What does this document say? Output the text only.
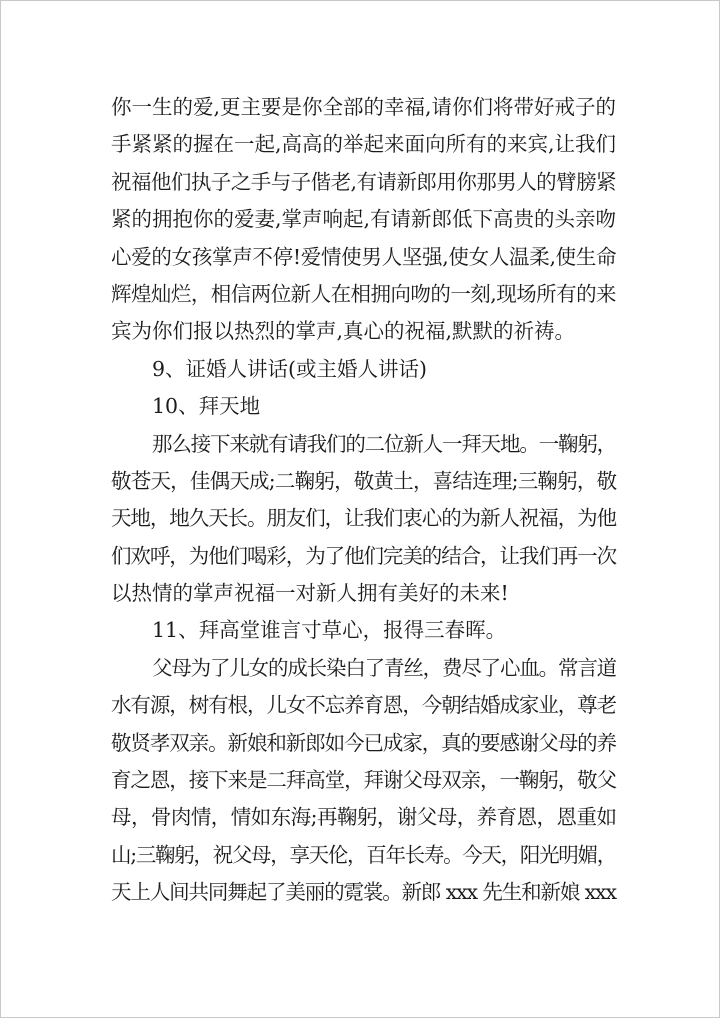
你一生的爱,更主要是你全部的幸福,请你们将带好戒子的
手紧紧的握在一起,高高的举起来面向所有的来宾,让我们
祝福他们执子之手与子偕老,有请新郎用你那男人的臂膀紧
紧的拥抱你的爱妻,掌声响起,有请新郎低下高贵的头亲吻
心爱的女孩掌声不停!爱情使男人坚强,使女人温柔,使生命
辉煌灿烂，相信两位新人在相拥向吻的一刻,现场所有的来
宾为你们报以热烈的掌声,真心的祝福,默默的祈祷。
9、证婚人讲话(或主婚人讲话)
10、拜天地
那么接下来就有请我们的二位新人一拜天地。一鞠躬，
敬苍天，佳偶天成;二鞠躬，敬黄土，喜结连理;三鞠躬，敬
天地，地久天长。朋友们，让我们衷心的为新人祝福，为他
们欢呼，为他们喝彩，为了他们完美的结合，让我们再一次
以热情的掌声祝福一对新人拥有美好的未来!
11、拜高堂谁言寸草心，报得三春晖。
父母为了儿女的成长染白了青丝，费尽了心血。常言道
水有源，树有根，儿女不忘养育恩，今朝结婚成家业，尊老
敬贤孝双亲。新娘和新郎如今已成家，真的要感谢父母的养
育之恩，接下来是二拜高堂，拜谢父母双亲，一鞠躬，敬父
母，骨肉情，情如东海;再鞠躬，谢父母，养育恩，恩重如
山;三鞠躬，祝父母，享天伦，百年长寿。今天，阳光明媚，
天上人间共同舞起了美丽的霓裳。新郎 xxx 先生和新娘 xxx
